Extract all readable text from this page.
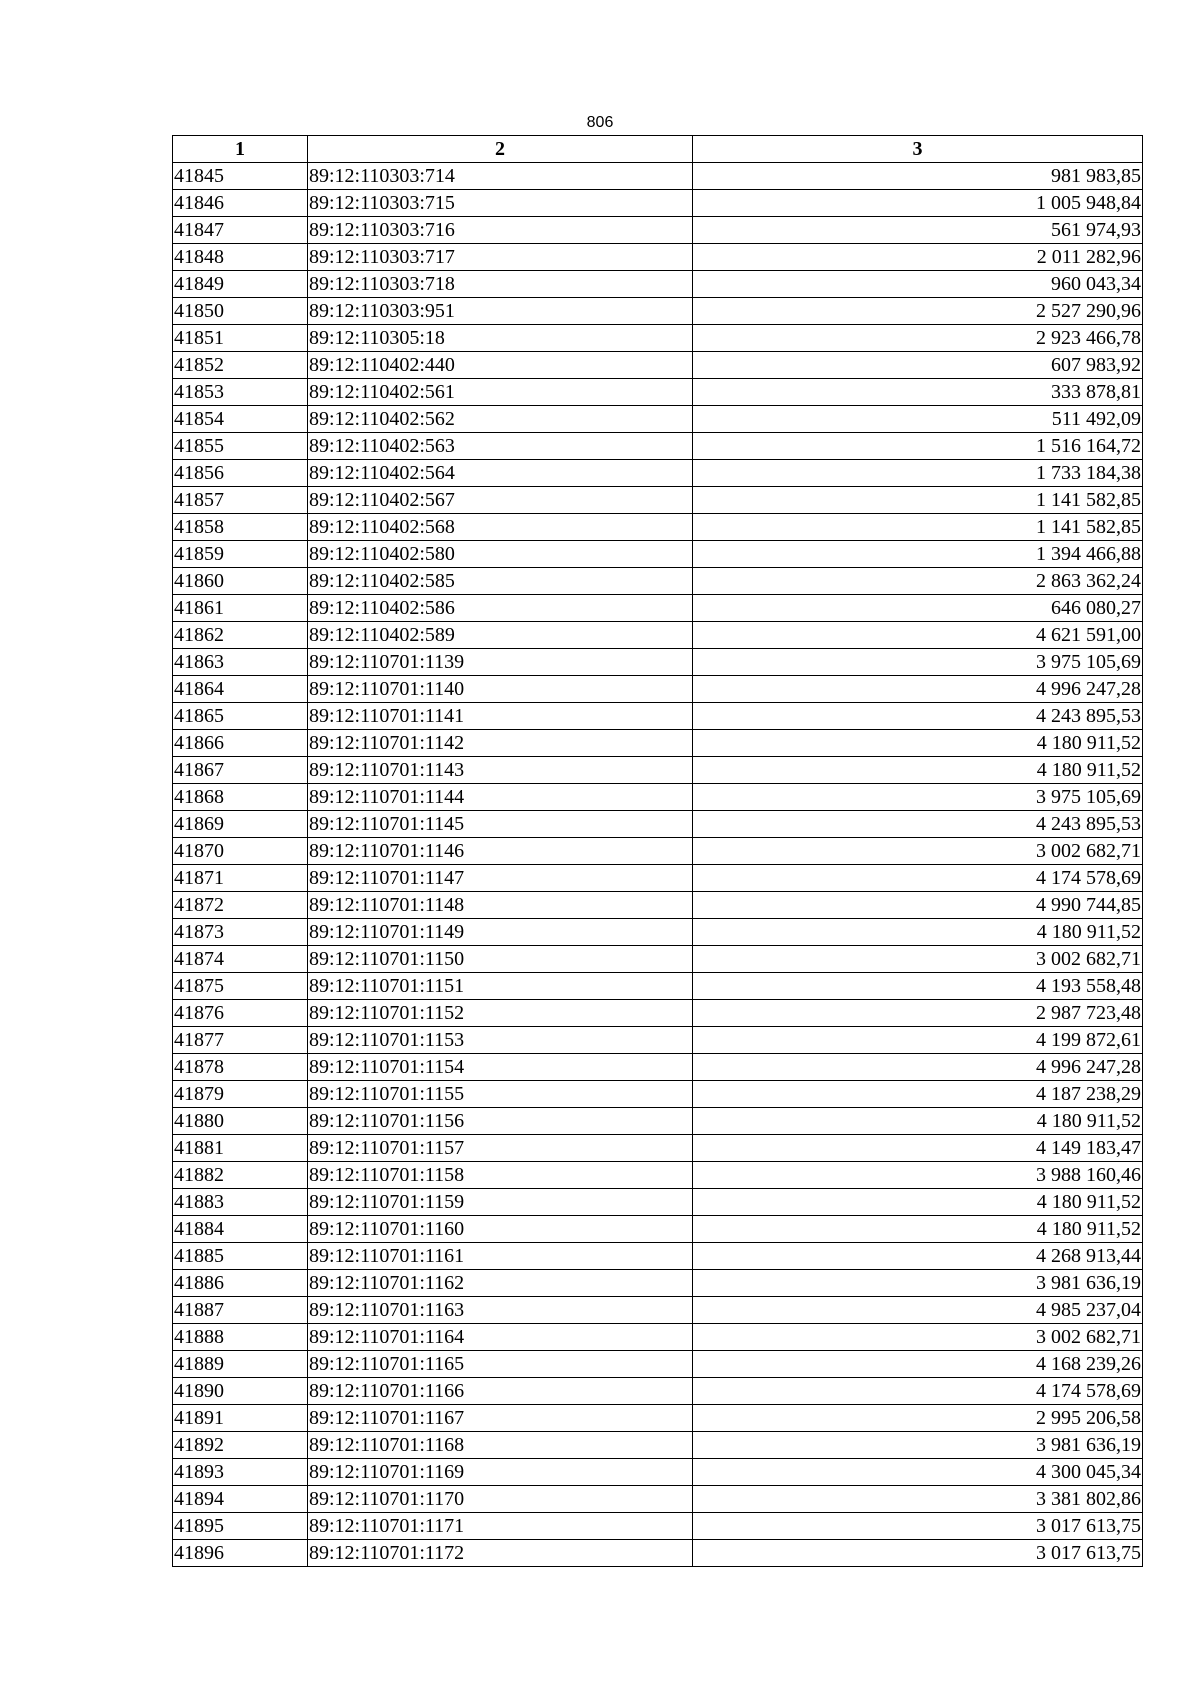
806
1	2	3
41845	89:12:110303:714	981 983,85
41846	89:12:110303:715	1 005 948,84
41847	89:12:110303:716	561 974,93
41848	89:12:110303:717	2 011 282,96
41849	89:12:110303:718	960 043,34
41850	89:12:110303:951	2 527 290,96
41851	89:12:110305:18	2 923 466,78
41852	89:12:110402:440	607 983,92
41853	89:12:110402:561	333 878,81
41854	89:12:110402:562	511 492,09
41855	89:12:110402:563	1 516 164,72
41856	89:12:110402:564	1 733 184,38
41857	89:12:110402:567	1 141 582,85
41858	89:12:110402:568	1 141 582,85
41859	89:12:110402:580	1 394 466,88
41860	89:12:110402:585	2 863 362,24
41861	89:12:110402:586	646 080,27
41862	89:12:110402:589	4 621 591,00
41863	89:12:110701:1139	3 975 105,69
41864	89:12:110701:1140	4 996 247,28
41865	89:12:110701:1141	4 243 895,53
41866	89:12:110701:1142	4 180 911,52
41867	89:12:110701:1143	4 180 911,52
41868	89:12:110701:1144	3 975 105,69
41869	89:12:110701:1145	4 243 895,53
41870	89:12:110701:1146	3 002 682,71
41871	89:12:110701:1147	4 174 578,69
41872	89:12:110701:1148	4 990 744,85
41873	89:12:110701:1149	4 180 911,52
41874	89:12:110701:1150	3 002 682,71
41875	89:12:110701:1151	4 193 558,48
41876	89:12:110701:1152	2 987 723,48
41877	89:12:110701:1153	4 199 872,61
41878	89:12:110701:1154	4 996 247,28
41879	89:12:110701:1155	4 187 238,29
41880	89:12:110701:1156	4 180 911,52
41881	89:12:110701:1157	4 149 183,47
41882	89:12:110701:1158	3 988 160,46
41883	89:12:110701:1159	4 180 911,52
41884	89:12:110701:1160	4 180 911,52
41885	89:12:110701:1161	4 268 913,44
41886	89:12:110701:1162	3 981 636,19
41887	89:12:110701:1163	4 985 237,04
41888	89:12:110701:1164	3 002 682,71
41889	89:12:110701:1165	4 168 239,26
41890	89:12:110701:1166	4 174 578,69
41891	89:12:110701:1167	2 995 206,58
41892	89:12:110701:1168	3 981 636,19
41893	89:12:110701:1169	4 300 045,34
41894	89:12:110701:1170	3 381 802,86
41895	89:12:110701:1171	3 017 613,75
41896	89:12:110701:1172	3 017 613,75
